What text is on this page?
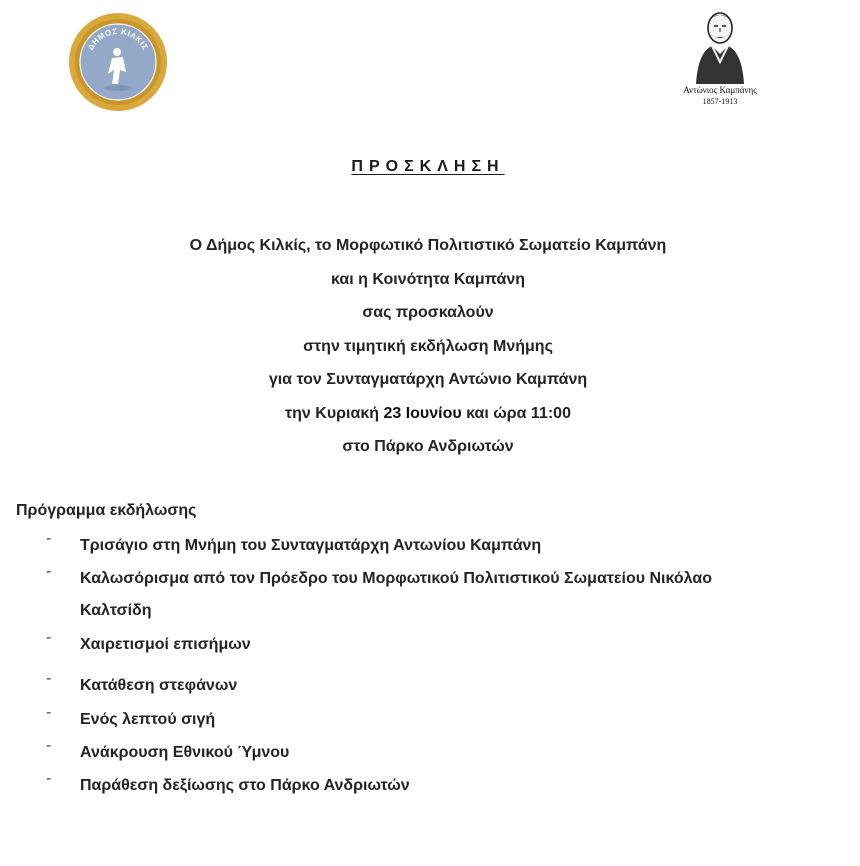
ΔΗΜΟΣ ΚΙΛΚΙΣ
Αντώνιος Καμπάνης
1857-1913
ΠΡΟΣΚΛΗΣΗ
Ο Δήμος Κιλκίς, το Μορφωτικό Πολιτιστικό Σωματείο Καμπάνη
και η Κοινότητα Καμπάνη
σας προσκαλούν
στην τιμητική εκδήλωση Μνήμης
για τον Συνταγματάρχη Αντώνιο Καμπάνη
την Κυριακή 23 Ιουνίου και ώρα 11:00
στο Πάρκο Ανδριωτών
Πρόγραμμα εκδήλωσης
- Τρισάγιο στη Μνήμη του Συνταγματάρχη Αντωνίου Καμπάνη
- Καλωσόρισμα από τον Πρόεδρο του Μορφωτικού Πολιτιστικού Σωματείου Νικόλαο Καλτσίδη
- Χαιρετισμοί επισήμων
- Κατάθεση στεφάνων
- Ενός λεπτού σιγή
- Ανάκρουση Εθνικού Ύμνου
- Παράθεση δεξίωσης στο Πάρκο Ανδριωτών
